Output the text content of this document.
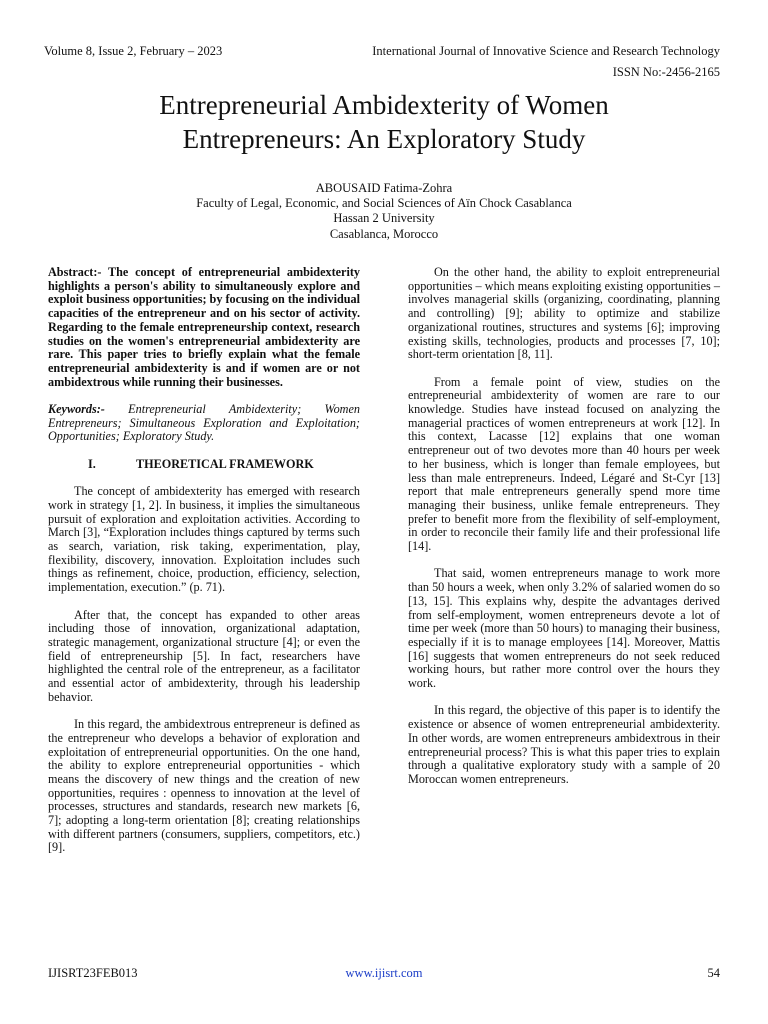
Volume 8, Issue 2, February – 2023	International Journal of Innovative Science and Research Technology
ISSN No:-2456-2165
Entrepreneurial Ambidexterity of Women
Entrepreneurs: An Exploratory Study
ABOUSAID Fatima-Zohra
Faculty of Legal, Economic, and Social Sciences of Aïn Chock Casablanca
Hassan 2 University
Casablanca, Morocco

Abstract:- The concept of entrepreneurial ambidexterity highlights a person's ability to simultaneously explore and exploit business opportunities; by focusing on the individual capacities of the entrepreneur and on his sector of activity. Regarding to the female entrepreneurship context, research studies on the women's entrepreneurial ambidexterity are rare. This paper tries to briefly explain what the female entrepreneurial ambidexterity is and if women are or not ambidextrous while running their businesses.

Keywords:- Entrepreneurial Ambidexterity; Women Entrepreneurs; Simultaneous Exploration and Exploitation; Opportunities; Exploratory Study.

I.	THEORETICAL FRAMEWORK

The concept of ambidexterity has emerged with research work in strategy [1, 2]. In business, it implies the simultaneous pursuit of exploration and exploitation activities. According to March [3], “Exploration includes things captured by terms such as search, variation, risk taking, experimentation, play, flexibility, discovery, innovation. Exploitation includes such things as refinement, choice, production, efficiency, selection, implementation, execution.” (p. 71).

After that, the concept has expanded to other areas including those of innovation, organizational adaptation, strategic management, organizational structure [4]; or even the field of entrepreneurship [5]. In fact, researchers have highlighted the central role of the entrepreneur, as a facilitator and essential actor of ambidexterity, through his leadership behavior.

In this regard, the ambidextrous entrepreneur is defined as the entrepreneur who develops a behavior of exploration and exploitation of entrepreneurial opportunities. On the one hand, the ability to explore entrepreneurial opportunities - which means the discovery of new things and the creation of new opportunities, requires : openness to innovation at the level of processes, structures and standards, research new markets [6, 7]; adopting a long-term orientation [8]; creating relationships with different partners (consumers, suppliers, competitors, etc.) [9].

On the other hand, the ability to exploit entrepreneurial opportunities – which means exploiting existing opportunities – involves managerial skills (organizing, coordinating, planning and controlling) [9]; ability to optimize and stabilize organizational routines, structures and systems [6]; improving existing skills, technologies, products and processes [7, 10]; short-term orientation [8, 11].

From a female point of view, studies on the entrepreneurial ambidexterity of women are rare to our knowledge. Studies have instead focused on analyzing the managerial practices of women entrepreneurs at work [12]. In this context, Lacasse [12] explains that one woman entrepreneur out of two devotes more than 40 hours per week to her business, which is longer than female employees, but less than male entrepreneurs. Indeed, Légaré and St-Cyr [13] report that male entrepreneurs generally spend more time managing their business, unlike female entrepreneurs. They prefer to benefit more from the flexibility of self-employment, in order to reconcile their family life and their professional life [14].

That said, women entrepreneurs manage to work more than 50 hours a week, when only 3.2% of salaried women do so [13, 15]. This explains why, despite the advantages derived from self-employment, women entrepreneurs devote a lot of time per week (more than 50 hours) to managing their business, especially if it is to manage employees [14]. Moreover, Mattis [16] suggests that women entrepreneurs do not seek reduced working hours, but rather more control over the hours they work.

In this regard, the objective of this paper is to identify the existence or absence of women entrepreneurial ambidexterity. In other words, are women entrepreneurs ambidextrous in their entrepreneurial process? This is what this paper tries to explain through a qualitative exploratory study with a sample of 20 Moroccan women entrepreneurs.

IJISRT23FEB013	www.ijisrt.com	54
